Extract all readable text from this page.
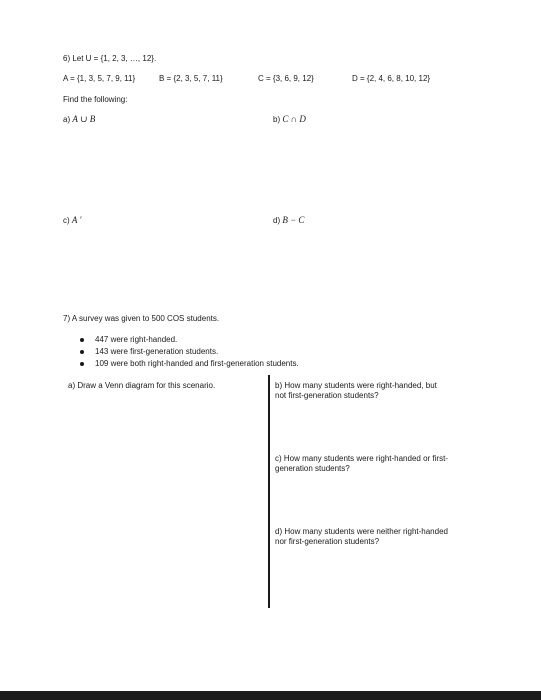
6) Let U = {1, 2, 3, …, 12}.
A = {1, 3, 5, 7, 9, 11}	B = {2, 3, 5, 7, 11}	C = {3, 6, 9, 12}	D = {2, 4, 6, 8, 10, 12}
Find the following:
a) A ∪ B	b) C ∩ D
c) A ′	d) B − C
7) A survey was given to 500 COS students.
447 were right-handed.
143 were first-generation students.
109 were both right-handed and first-generation students.
a) Draw a Venn diagram for this scenario.	b) How many students were right-handed, but
not first-generation students?
c) How many students were right-handed or first-
generation students?
d) How many students were neither right-handed
nor first-generation students?
